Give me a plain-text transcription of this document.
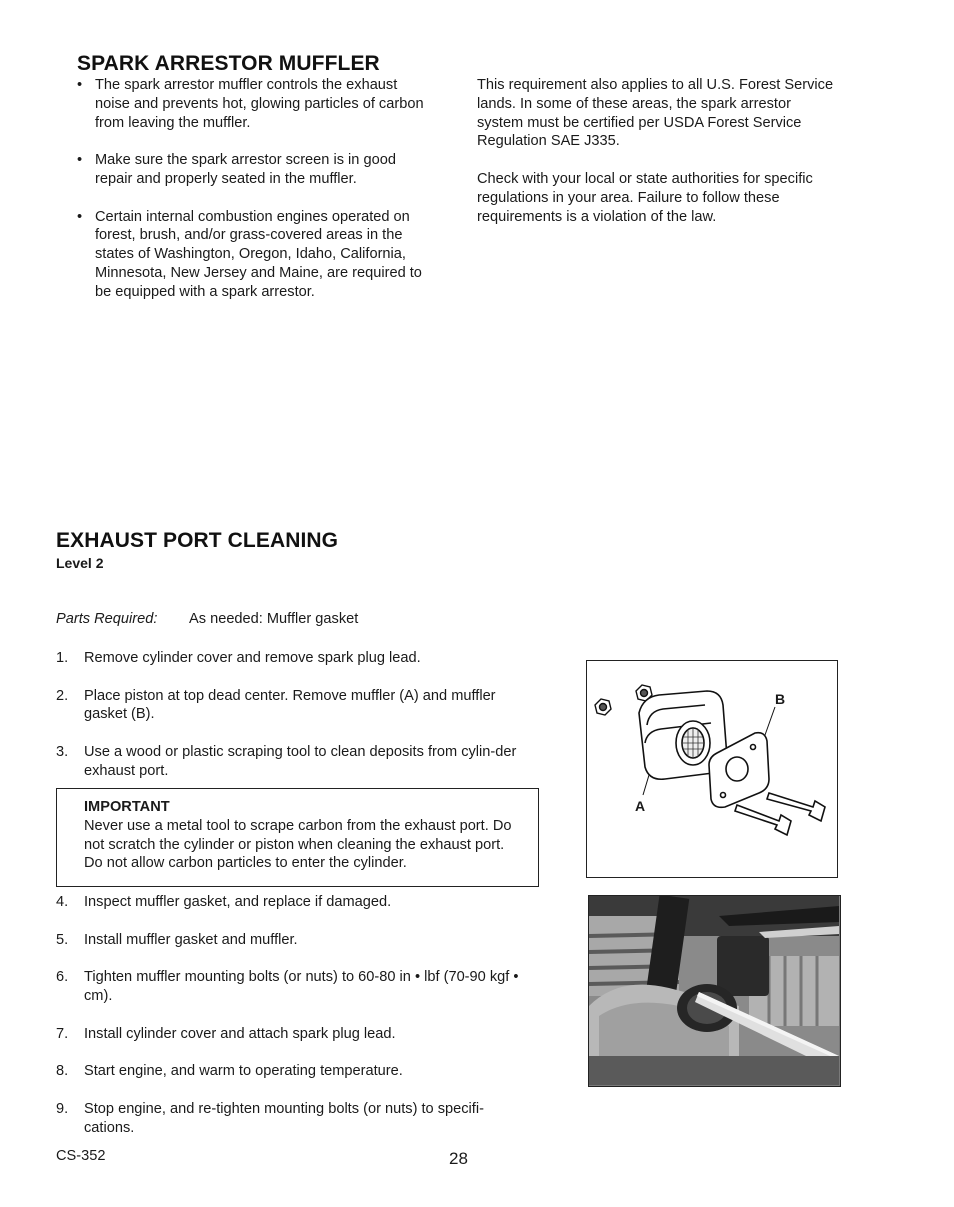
SPARK ARRESTOR MUFFLER
• The spark arrestor muffler controls the exhaust noise and prevents hot, glowing particles of carbon from leaving the muffler.
• Make sure the spark arrestor screen is in good repair and properly seated in the muffler.
• Certain internal combustion engines operated on forest, brush, and/or grass-covered areas in the states of Washington, Oregon, Idaho, California, Minnesota, New Jersey and Maine, are required to be equipped with a spark arrestor.

This requirement also applies to all U.S. Forest Service lands. In some of these areas, the spark arrestor system must be certified per USDA Forest Service Regulation SAE J335.

Check with your local or state authorities for specific regulations in your area. Failure to follow these requirements is a violation of the law.

EXHAUST PORT CLEANING
Level 2
Parts Required: As needed: Muffler gasket
1. Remove cylinder cover and remove spark plug lead.
2. Place piston at top dead center. Remove muffler (A) and muffler gasket (B).
3. Use a wood or plastic scraping tool to clean deposits from cylin-der exhaust port.
IMPORTANT
Never use a metal tool to scrape carbon from the exhaust port. Do not scratch the cylinder or piston when cleaning the exhaust port. Do not allow carbon particles to enter the cylinder.
4. Inspect muffler gasket, and replace if damaged.
5. Install muffler gasket and muffler.
6. Tighten muffler mounting bolts (or nuts) to 60-80 in • lbf (70-90 kgf • cm).
7. Install cylinder cover and attach spark plug lead.
8. Start engine, and warm to operating temperature.
9. Stop engine, and re-tighten mounting bolts (or nuts) to specifi-cations.
B
A
CS-352	28
